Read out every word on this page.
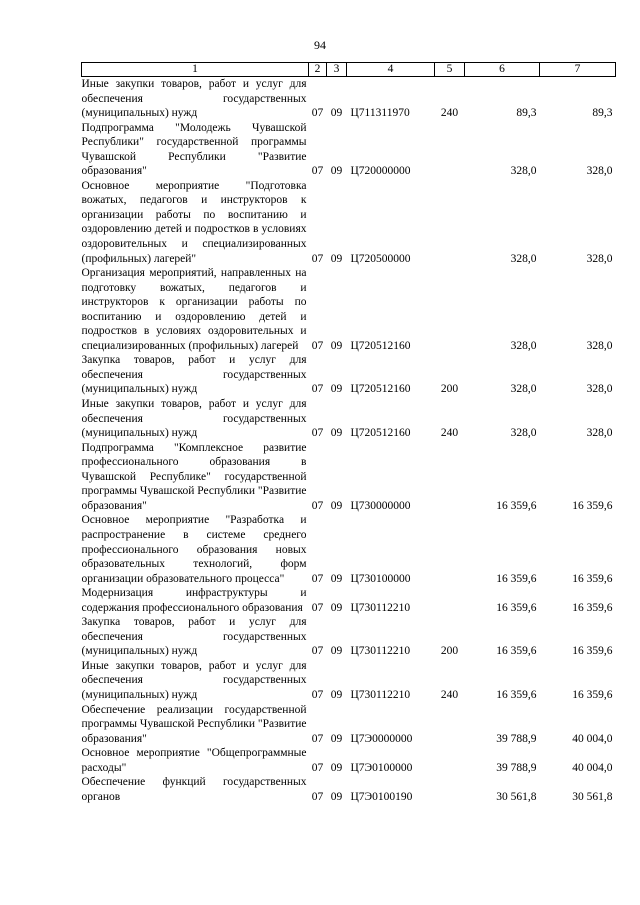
94
1	2	3	4	5	6	7
Иные закупки товаров, работ и услуг для обеспечения государственных (муниципальных) нужд	07	09	Ц711311970	240	89,3	89,3
Подпрограмма "Молодежь Чувашской Республики" государственной программы Чувашской Республики "Развитие образования"	07	09	Ц720000000		328,0	328,0
Основное мероприятие "Подготовка вожатых, педагогов и инструкторов к организации работы по воспитанию и оздоровлению детей и подростков в условиях оздоровительных и специализированных (профильных) лагерей"	07	09	Ц720500000		328,0	328,0
Организация мероприятий, направленных на подготовку вожатых, педагогов и инструкторов к организации работы по воспитанию и оздоровлению детей и подростков в условиях оздоровительных и специализированных (профильных) лагерей	07	09	Ц720512160		328,0	328,0
Закупка товаров, работ и услуг для обеспечения государственных (муниципальных) нужд	07	09	Ц720512160	200	328,0	328,0
Иные закупки товаров, работ и услуг для обеспечения государственных (муниципальных) нужд	07	09	Ц720512160	240	328,0	328,0
Подпрограмма "Комплексное развитие профессионального образования в Чувашской Республике" государственной программы Чувашской Республики "Развитие образования"	07	09	Ц730000000		16 359,6	16 359,6
Основное мероприятие "Разработка и распространение в системе среднего профессионального образования новых образовательных технологий, форм организации образовательного процесса"	07	09	Ц730100000		16 359,6	16 359,6
Модернизация инфраструктуры и содержания профессионального образования	07	09	Ц730112210		16 359,6	16 359,6
Закупка товаров, работ и услуг для обеспечения государственных (муниципальных) нужд	07	09	Ц730112210	200	16 359,6	16 359,6
Иные закупки товаров, работ и услуг для обеспечения государственных (муниципальных) нужд	07	09	Ц730112210	240	16 359,6	16 359,6
Обеспечение реализации государственной программы Чувашской Республики "Развитие образования"	07	09	Ц7Э0000000		39 788,9	40 004,0
Основное мероприятие "Общепрограммные расходы"	07	09	Ц7Э0100000		39 788,9	40 004,0
Обеспечение функций государственных органов	07	09	Ц7Э0100190		30 561,8	30 561,8
